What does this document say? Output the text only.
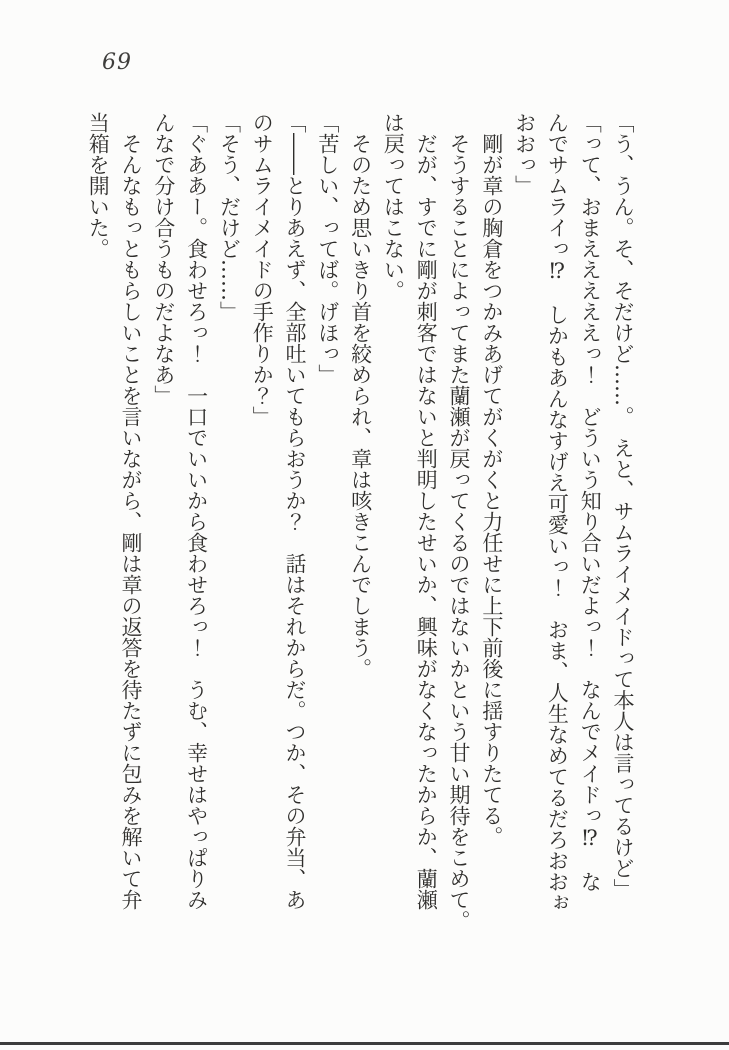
69

「う、うん。そ、そだけど……。　えと、サムライメイドって本人は言ってるけど」

「って、おまえええええっ！　どういう知り合いだよっ！　なんでメイドっ⁉　な

んでサムライっ⁉　しかもあんなすげえ可愛いっ！　おま、人生なめてるだろおおぉ

おおっ」

　剛が章の胸倉をつかみあげてがくがくと力任せに上下前後に揺すりたてる。

　そうすることによってまた蘭瀬が戻ってくるのではないかという甘い期待をこめて。

　だが、すでに剛が刺客ではないと判明したせいか、興味がなくなったからか、蘭瀬

は戻ってはこない。

　そのため思いきり首を絞められ、章は咳きこんでしまう。

「苦しい、ってば。げほっ」

「――とりあえず、全部吐いてもらおうか？　話はそれからだ。つか、その弁当、あ

のサムライメイドの手作りか？」

「そう、だけど……」

「ぐああー。食わせろっ！　一口でいいから食わせろっ！　うむ、幸せはやっぱりみ

んなで分け合うものだよなあ」

　そんなもっともらしいことを言いながら、剛は章の返答を待たずに包みを解いて弁

当箱を開いた。
